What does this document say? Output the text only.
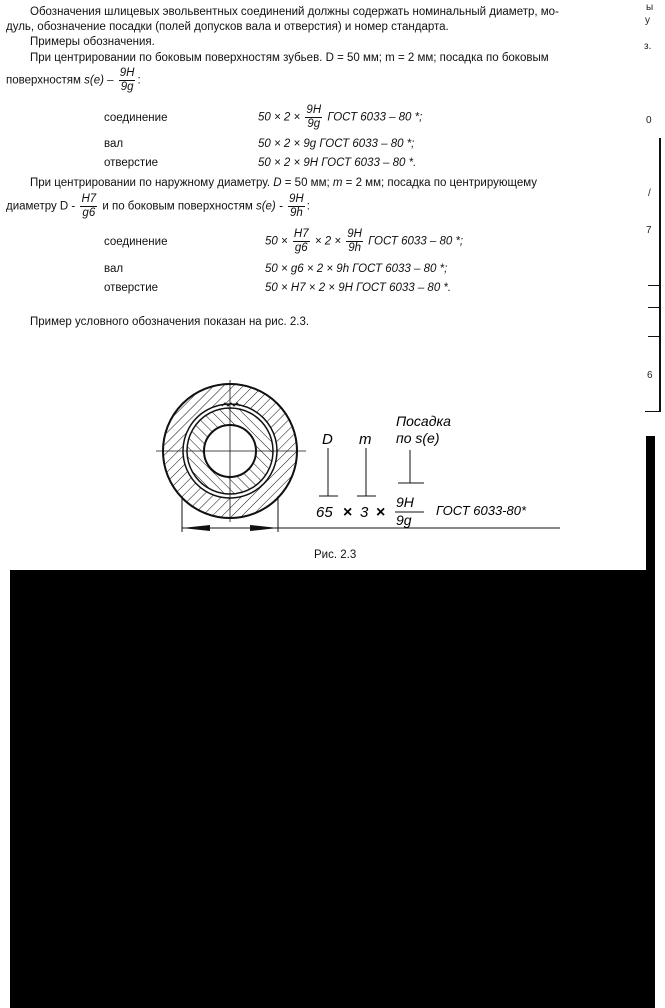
Обозначения шлицевых эвольвентных соединений должны содержать номинальный диаметр, мо-
дуль, обозначение посадки (полей допусков вала и отверстия) и номер стандарта.
Примеры обозначения.
При центрировании по боковым поверхностям зубьев. D = 50 мм; m = 2 мм; посадка по боковым
поверхностям $s(e) - \frac{9H}{9g}$ :
соединение	$50 \times 2 \times \frac{9H}{9g}$ ГОСТ 6033 – 80 *;
вал	50 × 2 × 9g ГОСТ 6033 – 80 *;
отверстие	50 × 2 × 9H ГОСТ 6033 – 80 *.
При центрировании по наружному диаметру. D = 50 мм; m = 2 мм; посадка по центрирующему
диаметру D - $\frac{H7}{g6}$ и по боковым поверхностям $s(e) - \frac{9H}{9h}$ :
соединение	$50 \times \frac{H7}{g6} \times 2 \times \frac{9H}{9h}$ ГОСТ 6033 – 80 *;
вал	50 × g6 × 2 × 9h ГОСТ 6033 – 80 *;
отверстие	50 × H7 × 2 × 9H ГОСТ 6033 – 80 *.
Пример условного обозначения показан на рис. 2.3.
ы
у
з.
0
/
7
6
D m
Посадка
по s(e)
65 × 3 ×
9H
9g
ГОСТ 6033-80*
Рис. 2.3
